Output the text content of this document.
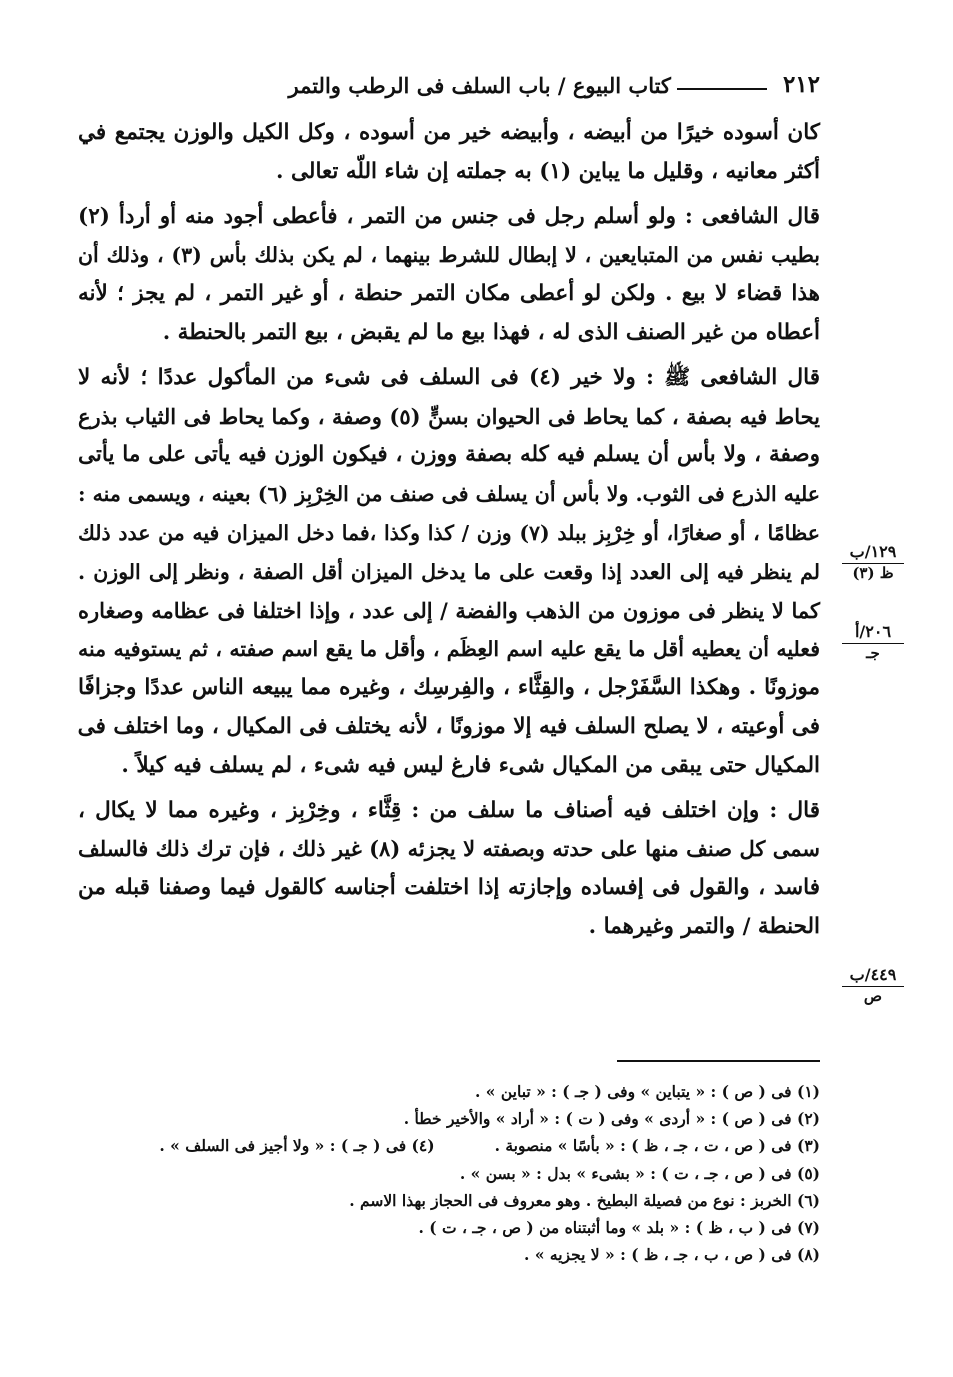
٢١٢
كتاب البيوع / باب السلف فى الرطب والتمر

كان أسوده خيرًا من أبيضه ، وأبيضه خير من أسوده ، وكل الكيل والوزن يجتمع في
أكثر معانيه ، وقليل ما يباين (١) به جملته إن شاء اللّه تعالى .

قال الشافعى : ولو أسلم رجل فى جنس من التمر ، فأعطى أجود منه أو أردأ (٢)
بطيب نفس من المتبايعين ، لا إبطال للشرط بينهما ، لم يكن بذلك بأس (٣) ، وذلك أن
هذا قضاء لا بيع . ولكن لو أعطى مكان التمر حنطة ، أو غير التمر ، لم يجز ؛ لأنه
أعطاه من غير الصنف الذى له ، فهذا بيع ما لم يقبض ، بيع التمر بالحنطة .

قال الشافعى ﷺ : ولا خير (٤) فى السلف فى شىء من المأكول عددًا ؛ لأنه لا
يحاط فيه بصفة ، كما يحاط فى الحيوان بسنٍّ (٥) وصفة ، وكما يحاط فى الثياب بذرع
وصفة ، ولا بأس أن يسلم فيه كله بصفة ووزن ، فيكون الوزن فيه يأتى على ما يأتى
عليه الذرع فى الثوب. ولا بأس أن يسلف فى صنف من الخِرْبِز (٦) بعينه ، ويسمى منه :
عظامًا ، أو صغارًا، أو خِرْبِز ببلد (٧) وزن / كذا وكذا ،فما دخل الميزان فيه من عدد ذلك
لم ينظر فيه إلى العدد إذا وقعت على ما يدخل الميزان أقل الصفة ، ونظر إلى الوزن .
كما لا ينظر فى موزون من الذهب والفضة / إلى عدد ، وإذا اختلفا فى عظامه وصغاره
فعليه أن يعطيه أقل ما يقع عليه اسم العِظَم ، وأقل ما يقع اسم صفته ، ثم يستوفيه منه
موزونًا . وهكذا السَّفَرْجل ، والقِثَّاء ، والفِرسِك ، وغيره مما يبيعه الناس عددًا وجزافًا
فى أوعيته ، لا يصلح السلف فيه إلا موزونًا ، لأنه يختلف فى المكيال ، وما اختلف فى
المكيال حتى يبقى من المكيال شىء فارغ ليس فيه شىء ، لم يسلف فيه كيلاً .

قال : وإن اختلف فيه أصناف ما سلف من : قِثَّاء ، وخِرْبِز ، وغيره مما لا يكال ،
سمى كل صنف منها على حدته وبصفته لا يجزئه (٨) غير ذلك ، فإن ترك ذلك فالسلف
فاسد ، والقول فى إفساده وإجازته إذا اختلفت أجناسه كالقول فيما وصفنا قبله من
الحنطة / والتمر وغيرهما .

١٢٩/ب
ظ (٣)
٢٠٦/أ
جـ
٤٤٩/ب
ص
(١) فى ( ص ) : « يتباين » وفى ( جـ ) : « تباين » .
(٢) فى ( ص ) : « أردى » وفى ( ت ) : « أراد » والأخير خطأ .
(٣) فى ( ص ، ت ، جـ ، ظ ) : « بأسًا » منصوبة .
(٤) فى ( جـ ) : « ولا أجيز فى السلف » .
(٥) فى ( ص ، جـ ، ت ) : « بشىء » بدل : « بسن » .
(٦) الخربز : نوع من فصيلة البطيخ . وهو معروف فى الحجاز بهذا الاسم .
(٧) فى ( ب ، ظ ) : « بلد » وما أثبتناه من ( ص ، جـ ، ت ) .
(٨) فى ( ص ، ب ، جـ ، ظ ) : « لا يجزيه » .
